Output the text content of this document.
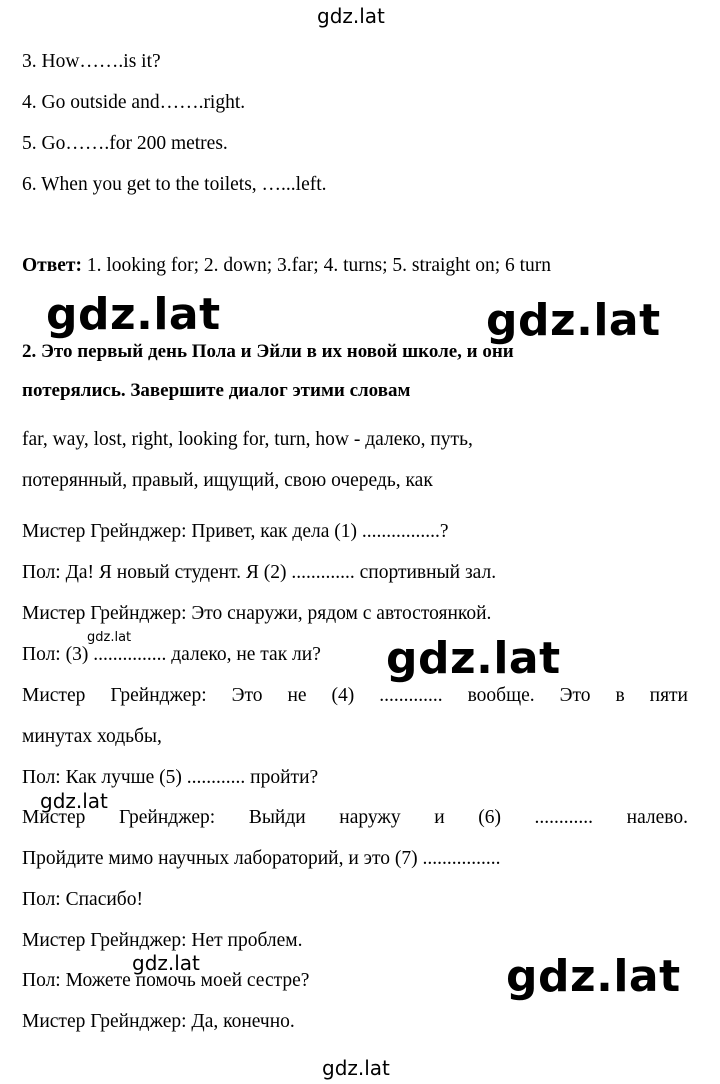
gdz.lat
3. How…….is it?
4. Go outside and…….right.
5. Go…….for 200 metres.
6. When you get to the toilets, …...left.
Ответ: 1. looking for; 2. down; 3.far; 4. turns; 5. straight on; 6 turn
2. Это первый день Пола и Эйли в их новой школе, и они
потерялись. Завершите диалог этими словам
far, way, lost, right, looking for, turn, how - далеко, путь,
потерянный, правый, ищущий, свою очередь, как
Мистер Грейнджер: Привет, как дела (1) ................?
Пол: Да! Я новый студент. Я (2) ............. спортивный зал.
Мистер Грейнджер: Это снаружи, рядом с автостоянкой.
Пол: (3) ............... далеко, не так ли?
Мистер Грейнджер: Это не (4) ............. вообще. Это в пяти
минутах ходьбы,
Пол: Как лучше (5) ............ пройти?
Мистер Грейнджер: Выйди наружу и (6) ............ налево.
Пройдите мимо научных лабораторий, и это (7) ................
Пол: Спасибо!
Мистер Грейнджер: Нет проблем.
Пол: Можете помочь моей сестре?
Мистер Грейнджер: Да, конечно.
gdz.lat	gdz.lat
gdz.lat	gdz.lat
gdz.lat
gdz.lat	gdz.lat
gdz.lat
